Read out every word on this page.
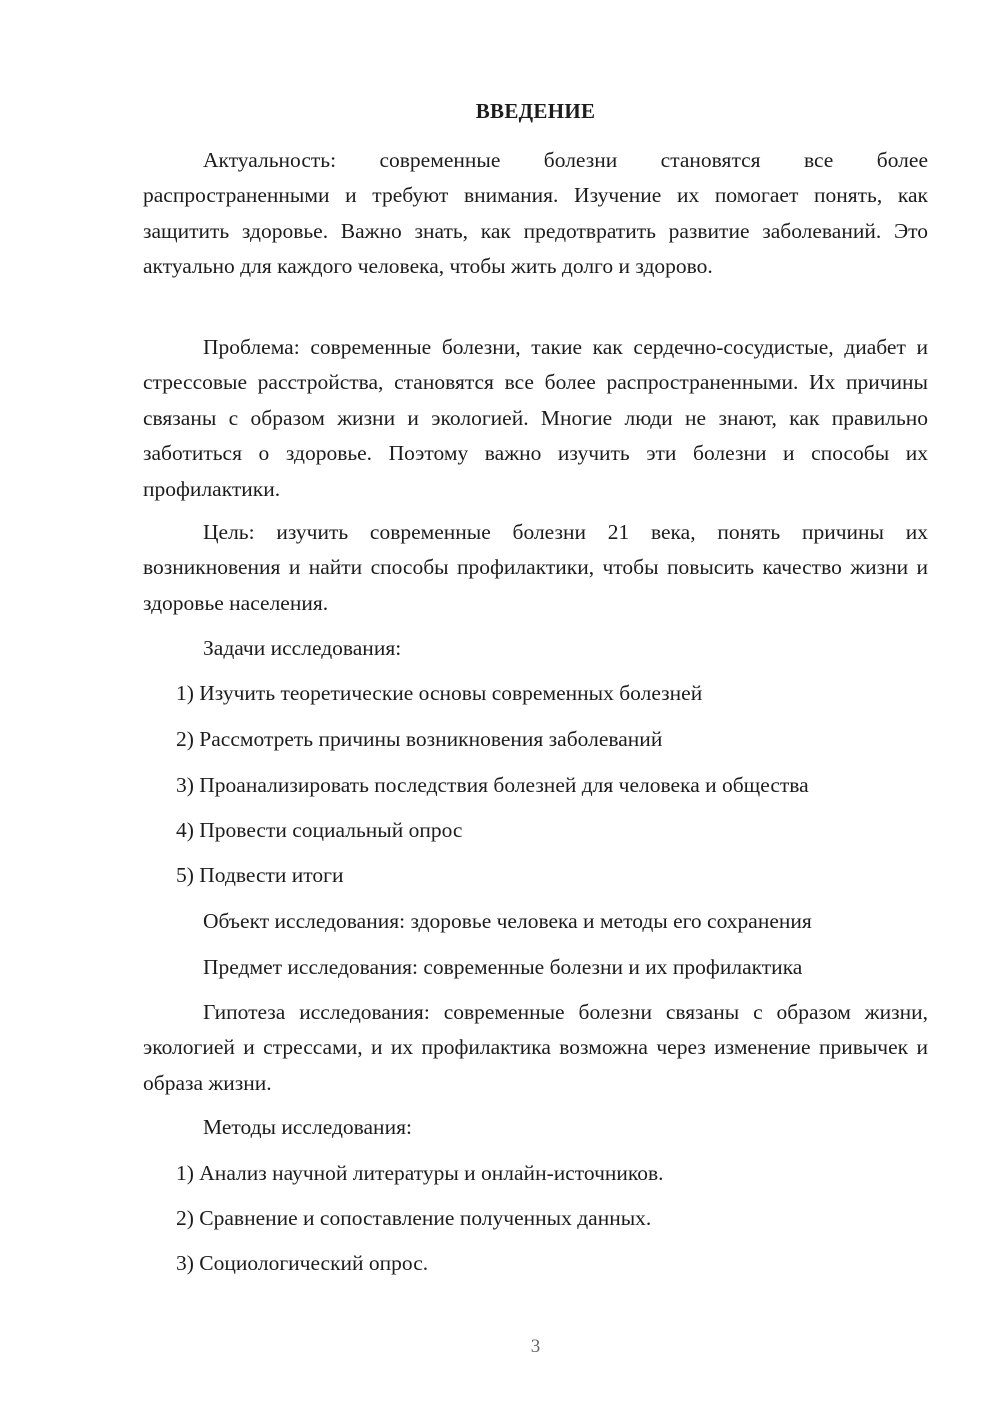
ВВЕДЕНИЕ

Актуальность: современные болезни становятся все более распространенными и требуют внимания. Изучение их помогает понять, как защитить здоровье. Важно знать, как предотвратить развитие заболеваний. Это актуально для каждого человека, чтобы жить долго и здорово.

Проблема: современные болезни, такие как сердечно-сосудистые, диабет и стрессовые расстройства, становятся все более распространенными. Их причины связаны с образом жизни и экологией. Многие люди не знают, как правильно заботиться о здоровье. Поэтому важно изучить эти болезни и способы их профилактики.

Цель: изучить современные болезни 21 века, понять причины их возникновения и найти способы профилактики, чтобы повысить качество жизни и здоровье населения.

Задачи исследования:

1) Изучить теоретические основы современных болезней

2) Рассмотреть причины возникновения заболеваний

3) Проанализировать последствия болезней для человека и общества

4) Провести социальный опрос

5) Подвести итоги

Объект исследования: здоровье человека и методы его сохранения

Предмет исследования: современные болезни и их профилактика

Гипотеза исследования: современные болезни связаны с образом жизни, экологией и стрессами, и их профилактика возможна через изменение привычек и образа жизни.

Методы исследования:

1) Анализ научной литературы и онлайн-источников.

2) Сравнение и сопоставление полученных данных.

3) Социологический опрос.

3
